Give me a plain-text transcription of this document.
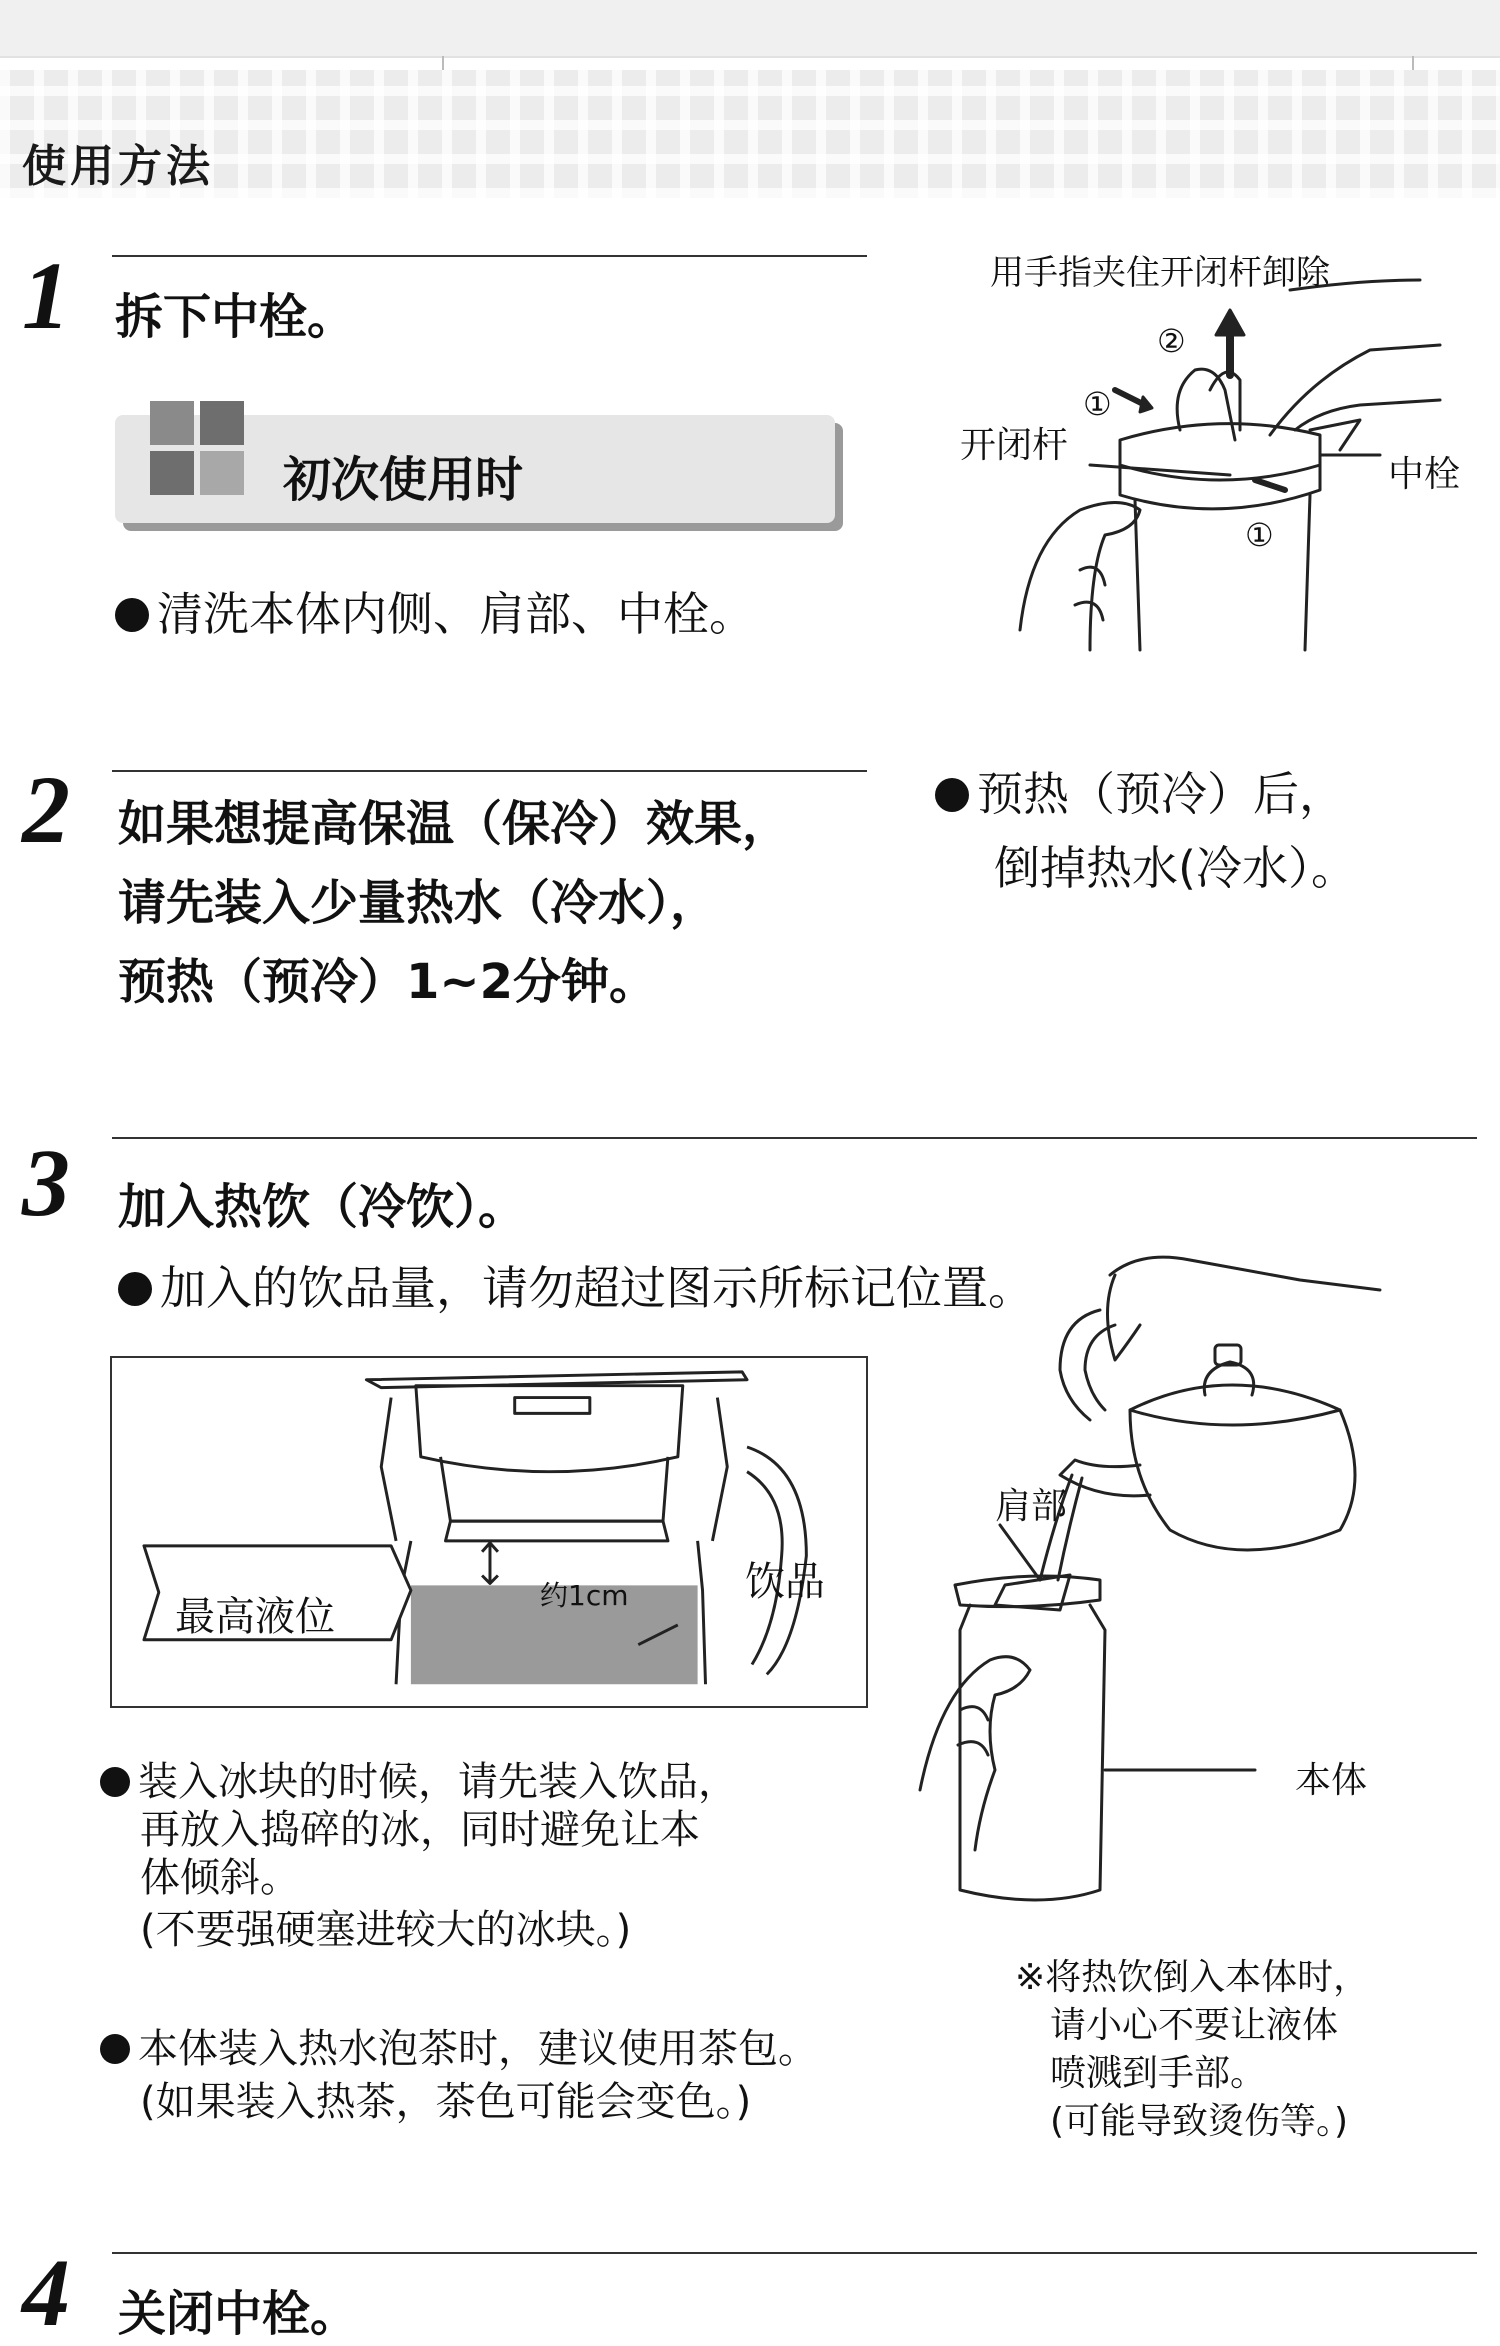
使用方法
1 拆下中栓。
初次使用时
清洗本体内侧、肩部、中栓。
用手指夹住开闭杆卸除
②
①
①
开闭杆
中栓
2 如果想提高保温（保冷）效果，
请先装入少量热水（冷水），
预热（预冷）1~2分钟。
预热（预冷）后，
倒掉热水(冷水）。
3 加入热饮（冷饮）。
加入的饮品量，请勿超过图示所标记位置。
最高液位	约1cm	饮品
装入冰块的时候，请先装入饮品，
再放入捣碎的冰，同时避免让本
体倾斜。
(不要强硬塞进较大的冰块。)
本体装入热水泡茶时，建议使用茶包。
(如果装入热茶，茶色可能会变色。)
肩部
本体
※将热饮倒入本体时，
请小心不要让液体
喷溅到手部。
(可能导致烫伤等。)
4 关闭中栓。
